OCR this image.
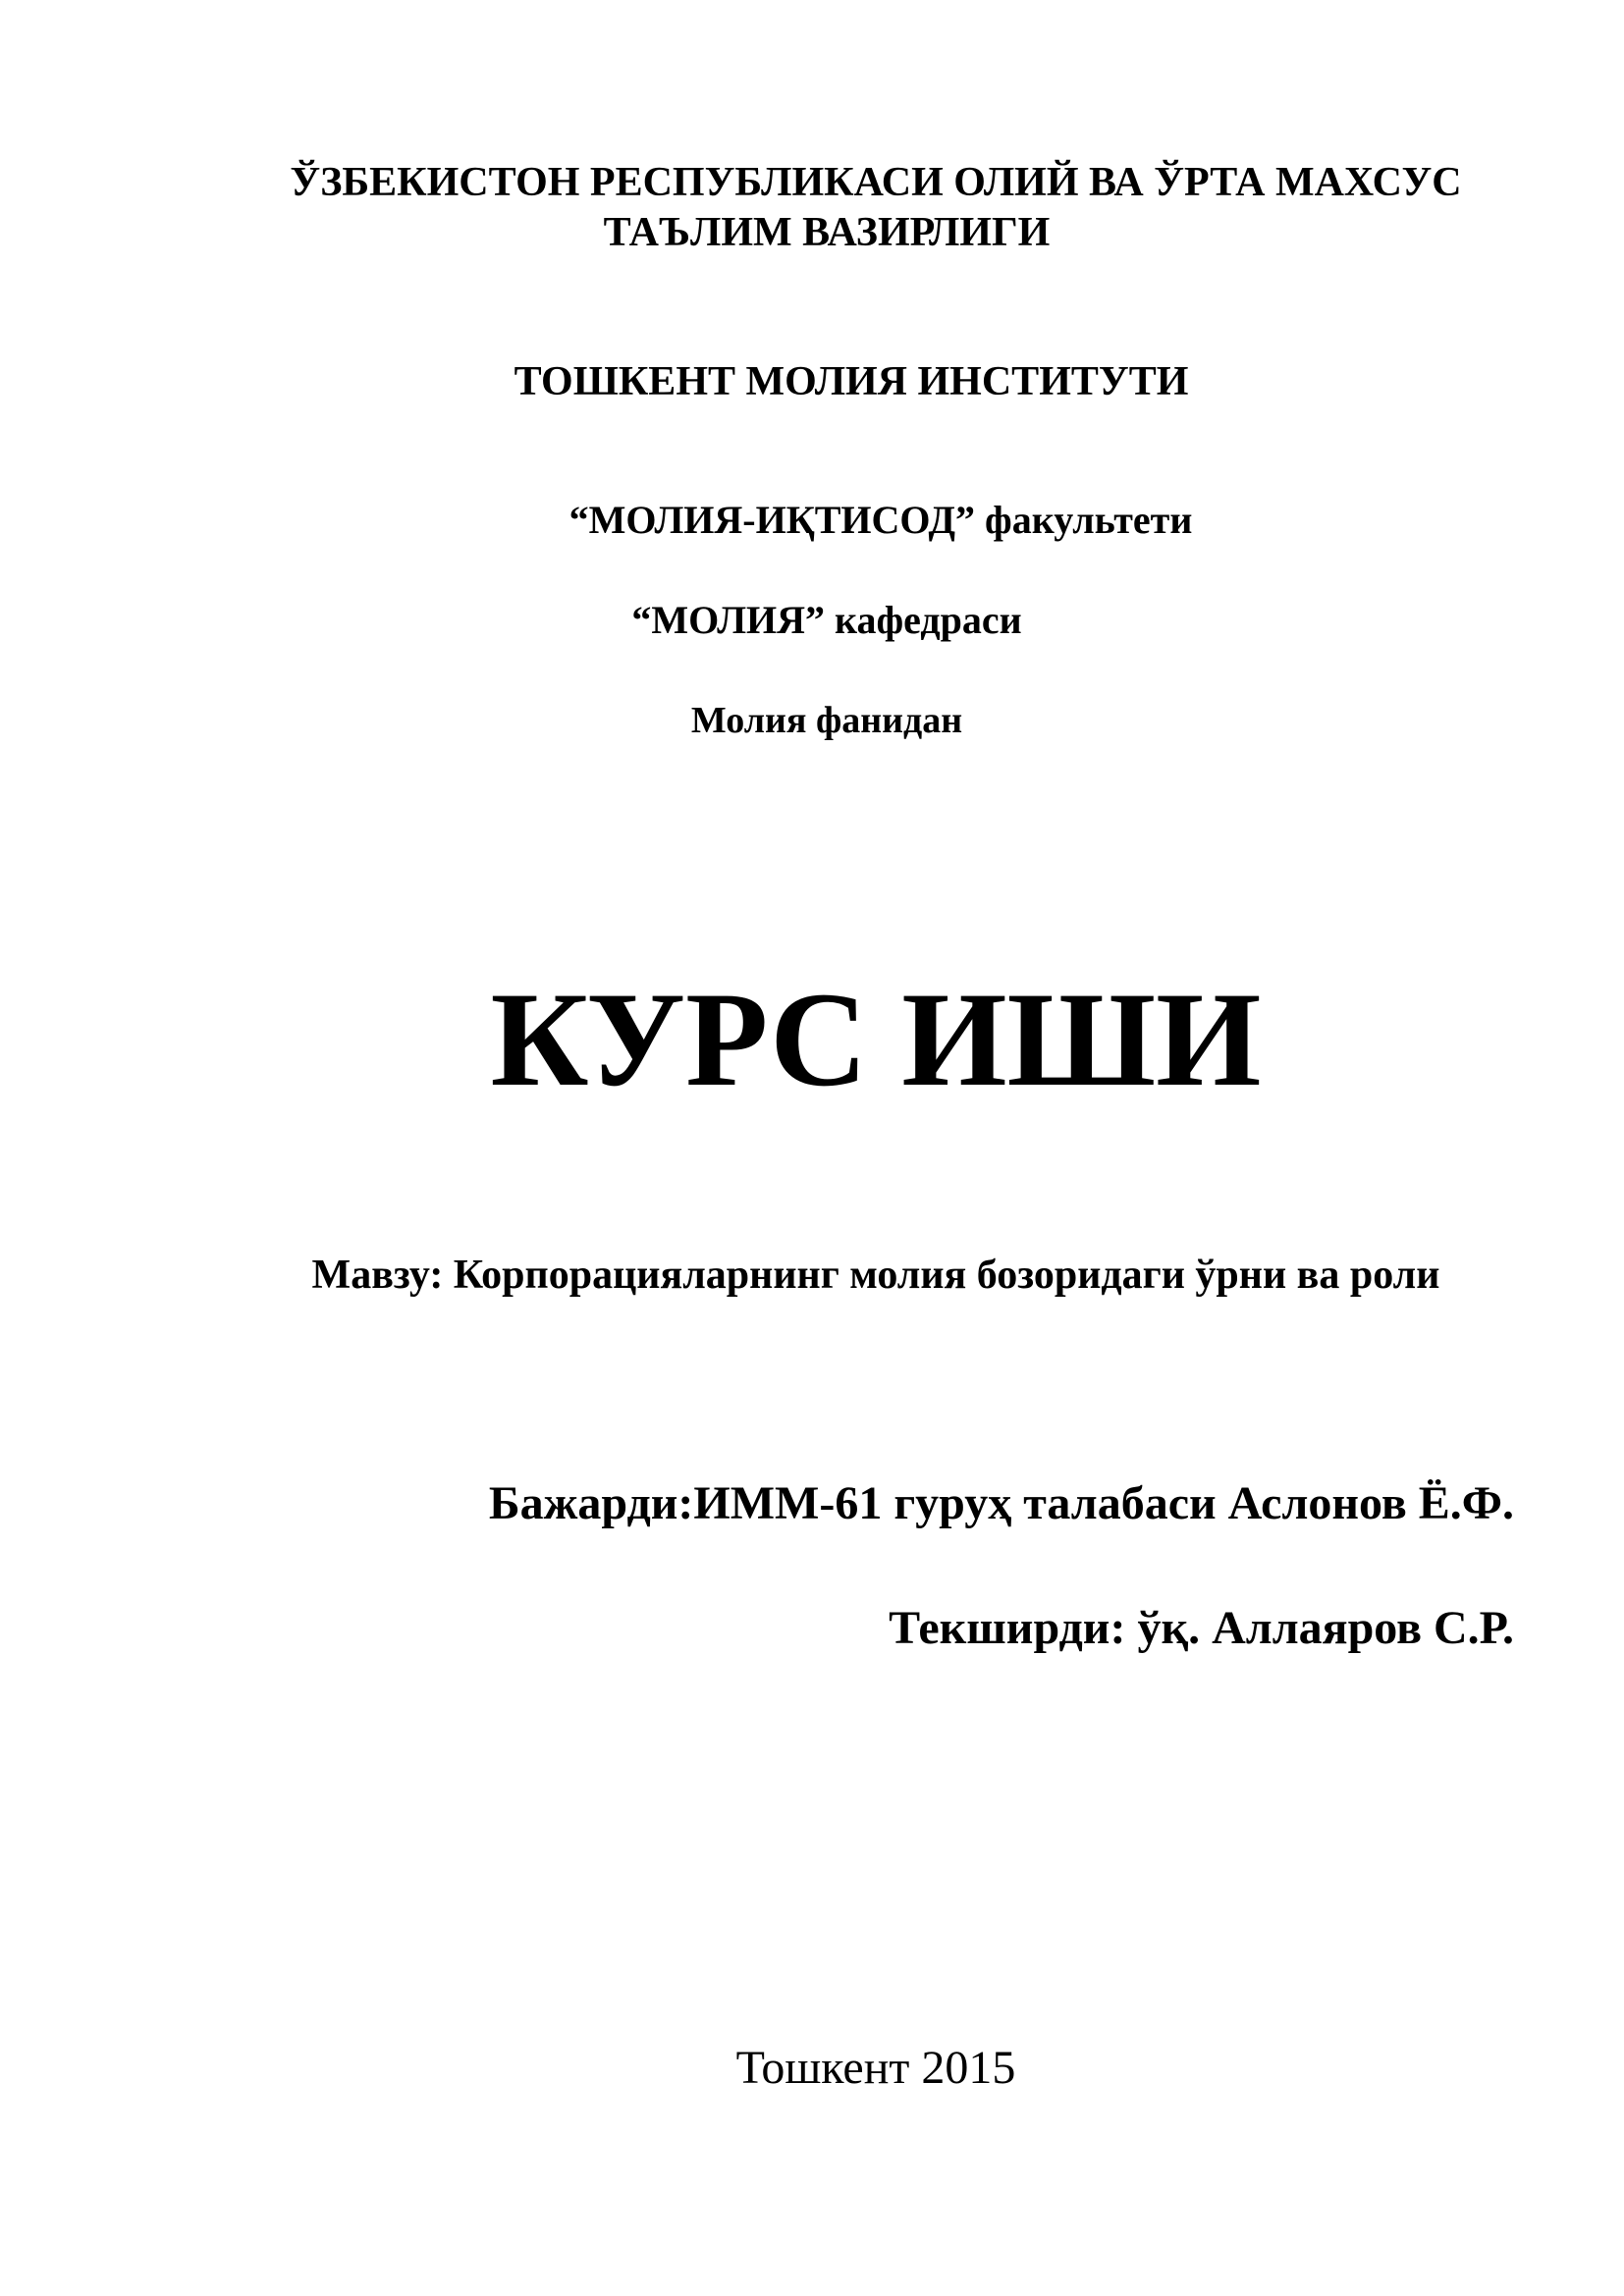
ЎЗБЕКИСТОН РЕСПУБЛИКАСИ ОЛИЙ ВА ЎРТА МАХСУС
ТАЪЛИМ ВАЗИРЛИГИ
ТОШКЕНТ МОЛИЯ ИНСТИТУТИ
“МОЛИЯ-ИҚТИСОД” факультети
“МОЛИЯ” кафедраси
Молия фанидан
КУРС ИШИ
Мавзу: Корпорацияларнинг молия бозоридаги ўрни ва роли
Бажарди:ИММ-61 гуруҳ талабаси Аслонов Ё.Ф.
Текширди: ўқ. Аллаяров С.Р.
Тошкент 2015
